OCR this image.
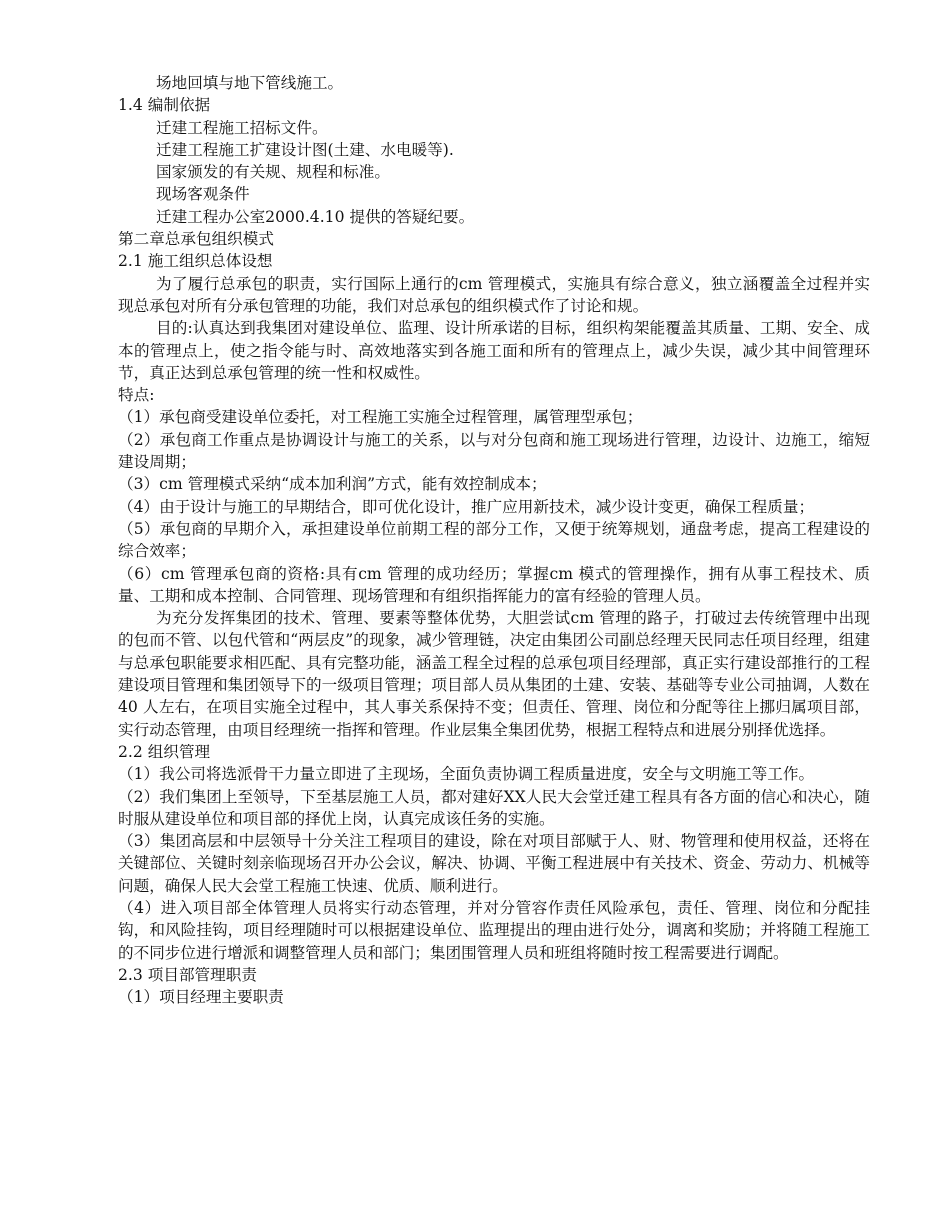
场地回填与地下管线施工。

1.4 编制依据

迁建工程施工招标文件。

迁建工程施工扩建设计图(土建、水电暖等).

国家颁发的有关规、规程和标准。

现场客观条件

迁建工程办公室2000.4.10 提供的答疑纪要。

第二章总承包组织模式

2.1 施工组织总体设想

为了履行总承包的职责，实行国际上通行的cm 管理模式，实施具有综合意义，独立涵覆盖全过程并实现总承包对所有分承包管理的功能，我们对总承包的组织模式作了讨论和规。

目的:认真达到我集团对建设单位、监理、设计所承诺的目标，组织构架能覆盖其质量、工期、安全、成本的管理点上，使之指令能与时、高效地落实到各施工面和所有的管理点上，减少失误，减少其中间管理环节，真正达到总承包管理的统一性和权威性。

特点:

（1）承包商受建设单位委托，对工程施工实施全过程管理，属管理型承包；

（2）承包商工作重点是协调设计与施工的关系，以与对分包商和施工现场进行管理，边设计、边施工，缩短建设周期；

（3）cm 管理模式采纳“成本加利润”方式，能有效控制成本；

（4）由于设计与施工的早期结合，即可优化设计，推广应用新技术，减少设计变更，确保工程质量；

（5）承包商的早期介入，承担建设单位前期工程的部分工作，又便于统筹规划，通盘考虑，提高工程建设的综合效率；

（6）cm 管理承包商的资格:具有cm 管理的成功经历；掌握cm 模式的管理操作，拥有从事工程技术、质量、工期和成本控制、合同管理、现场管理和有组织指挥能力的富有经验的管理人员。

为充分发挥集团的技术、管理、要素等整体优势，大胆尝试cm 管理的路子，打破过去传统管理中出现的包而不管、以包代管和“两层皮”的现象，减少管理链，决定由集团公司副总经理天民同志任项目经理，组建与总承包职能要求相匹配、具有完整功能，涵盖工程全过程的总承包项目经理部，真正实行建设部推行的工程建设项目管理和集团领导下的一级项目管理；项目部人员从集团的土建、安装、基础等专业公司抽调，人数在40 人左右，在项目实施全过程中，其人事关系保持不变；但责任、管理、岗位和分配等往上挪归属项目部，实行动态管理，由项目经理统一指挥和管理。作业层集全集团优势，根据工程特点和进展分别择优选择。

2.2 组织管理

（1）我公司将选派骨干力量立即进了主现场，全面负责协调工程质量进度，安全与文明施工等工作。

（2）我们集团上至领导，下至基层施工人员，都对建好XX人民大会堂迁建工程具有各方面的信心和决心，随时服从建设单位和项目部的择优上岗，认真完成该任务的实施。

（3）集团高层和中层领导十分关注工程项目的建设，除在对项目部赋于人、财、物管理和使用权益，还将在关键部位、关键时刻亲临现场召开办公会议，解决、协调、平衡工程进展中有关技术、资金、劳动力、机械等问题，确保人民大会堂工程施工快速、优质、顺利进行。

（4）进入项目部全体管理人员将实行动态管理，并对分管容作责任风险承包，责任、管理、岗位和分配挂钩，和风险挂钩，项目经理随时可以根据建设单位、监理提出的理由进行处分，调离和奖励；并将随工程施工的不同步位进行增派和调整管理人员和部门；集团围管理人员和班组将随时按工程需要进行调配。

2.3 项目部管理职责

（1）项目经理主要职责
